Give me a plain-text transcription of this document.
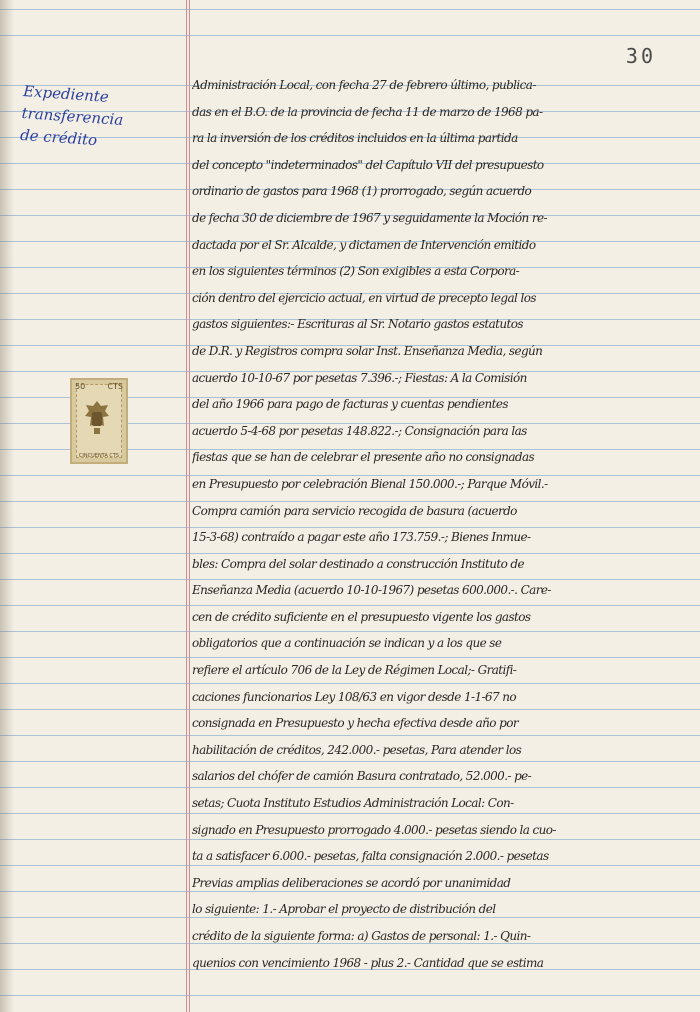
30
Expediente
transferencia
de crédito
50	CTS
CINCUENTA CTS
Administración Local, con fecha 27 de febrero último, publica-
das en el B.O. de la provincia de fecha 11 de marzo de 1968 pa-
ra la inversión de los créditos incluidos en la última partida
del concepto "indeterminados" del Capítulo VII del presupuesto
ordinario de gastos para 1968 (1) prorrogado, según acuerdo
de fecha 30 de diciembre de 1967 y seguidamente la Moción re-
dactada por el Sr. Alcalde, y dictamen de Intervención emitido
en los siguientes términos (2) Son exigibles a esta Corpora-
ción dentro del ejercicio actual, en virtud de precepto legal los
gastos siguientes:- Escrituras al Sr. Notario gastos estatutos
de D.R. y Registros compra solar Inst. Enseñanza Media, según
acuerdo 10-10-67 por pesetas 7.396.-; Fiestas: A la Comisión
del año 1966 para pago de facturas y cuentas pendientes
acuerdo 5-4-68 por pesetas 148.822.-; Consignación para las
fiestas que se han de celebrar el presente año no consignadas
en Presupuesto por celebración Bienal 150.000.-; Parque Móvil.-
Compra camión para servicio recogida de basura (acuerdo
15-3-68) contraído a pagar este año 173.759.-; Bienes Inmue-
bles: Compra del solar destinado a construcción Instituto de
Enseñanza Media (acuerdo 10-10-1967) pesetas 600.000.-. Care-
cen de crédito suficiente en el presupuesto vigente los gastos
obligatorios que a continuación se indican y a los que se
refiere el artículo 706 de la Ley de Régimen Local;- Gratifi-
caciones funcionarios Ley 108/63 en vigor desde 1-1-67 no
consignada en Presupuesto y hecha efectiva desde año por
habilitación de créditos, 242.000.- pesetas, Para atender los
salarios del chófer de camión Basura contratado, 52.000.- pe-
setas; Cuota Instituto Estudios Administración Local: Con-
signado en Presupuesto prorrogado 4.000.- pesetas siendo la cuo-
ta a satisfacer 6.000.- pesetas, falta consignación 2.000.- pesetas
Previas amplias deliberaciones se acordó por unanimidad
lo siguiente: 1.- Aprobar el proyecto de distribución del
crédito de la siguiente forma: a) Gastos de personal: 1.- Quin-
quenios con vencimiento 1968 - plus 2.- Cantidad que se estima
